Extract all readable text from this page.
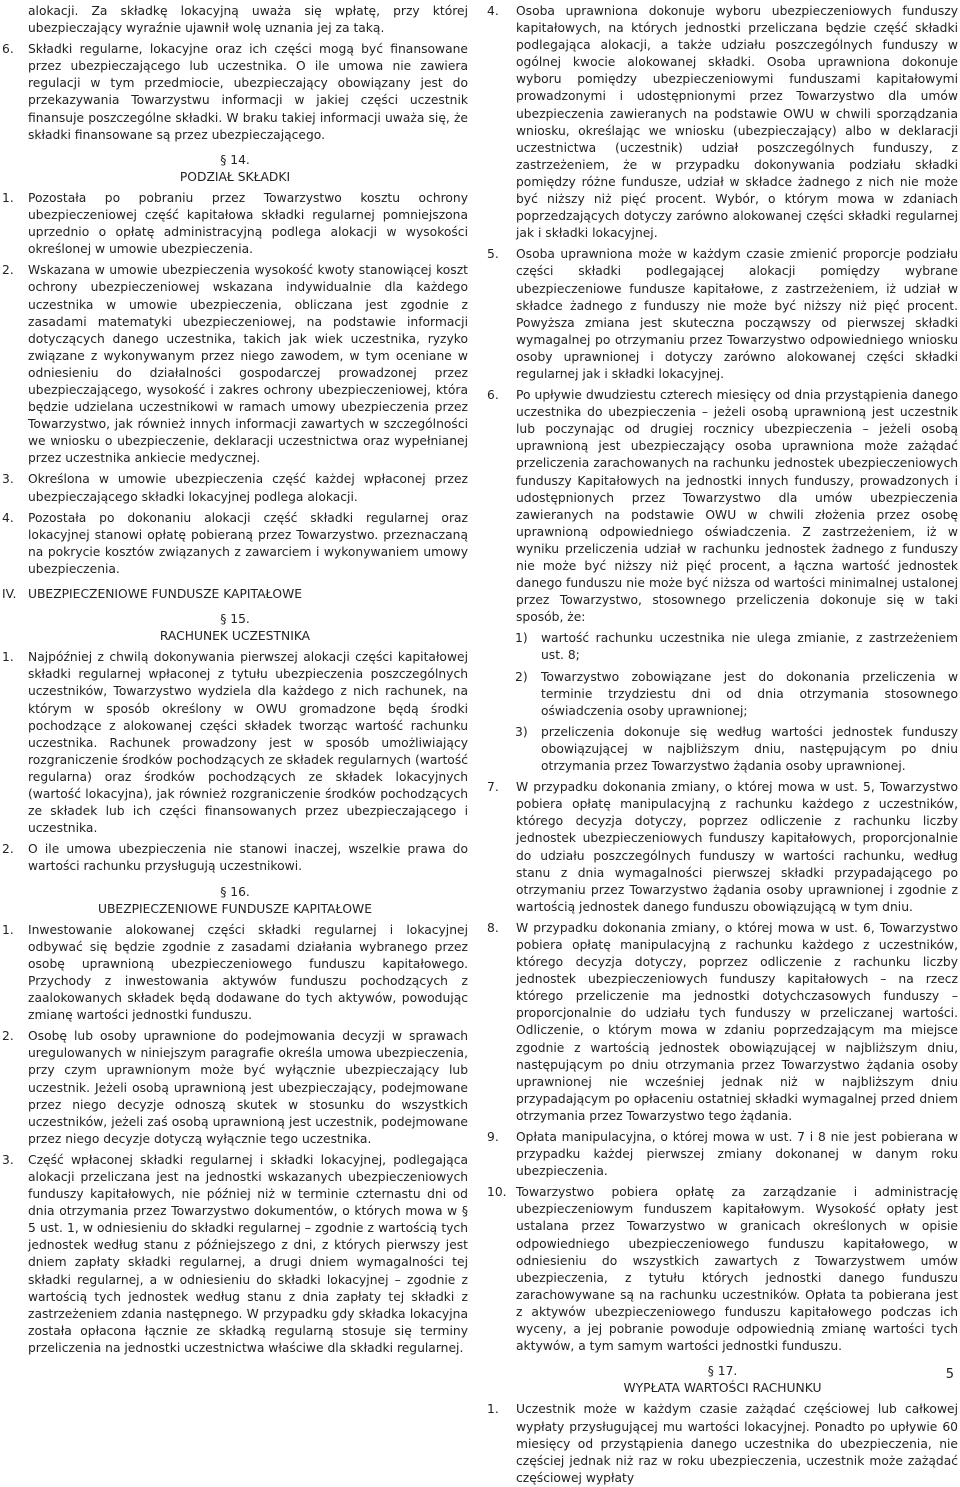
alokacji. Za składkę lokacyjną uważa się wpłatę, przy której ubezpieczający wyraźnie ujawnił wolę uznania jej za taką.
6. Składki regularne, lokacyjne oraz ich części mogą być finansowane przez ubezpieczającego lub uczestnika. O ile umowa nie zawiera regulacji w tym przedmiocie, ubezpieczający obowiązany jest do przekazywania Towarzystwu informacji w jakiej części uczestnik finansuje poszczególne składki. W braku takiej informacji uważa się, że składki finansowane są przez ubezpieczającego.
§ 14.
PODZIAŁ SKŁADKI
1. Pozostała po pobraniu przez Towarzystwo kosztu ochrony ubezpieczeniowej część kapitałowa składki regularnej pomniejszona uprzednio o opłatę administracyjną podlega alokacji w wysokości określonej w umowie ubezpieczenia.
2. Wskazana w umowie ubezpieczenia wysokość kwoty stanowiącej koszt ochrony ubezpieczeniowej wskazana indywidualnie dla każdego uczestnika w umowie ubezpieczenia, obliczana jest zgodnie z zasadami matematyki ubezpieczeniowej, na podstawie informacji dotyczących danego uczestnika, takich jak wiek uczestnika, ryzyko związane z wykonywanym przez niego zawodem, w tym oceniane w odniesieniu do działalności gospodarczej prowadzonej przez ubezpieczającego, wysokość i zakres ochrony ubezpieczeniowej, która będzie udzielana uczestnikowi w ramach umowy ubezpieczenia przez Towarzystwo, jak również innych informacji zawartych w szczególności we wniosku o ubezpieczenie, deklaracji uczestnictwa oraz wypełnianej przez uczestnika ankiecie medycznej.
3. Określona w umowie ubezpieczenia część każdej wpłaconej przez ubezpieczającego składki lokacyjnej podlega alokacji.
4. Pozostała po dokonaniu alokacji część składki regularnej oraz lokacyjnej stanowi opłatę pobieraną przez Towarzystwo. przeznaczaną na pokrycie kosztów związanych z zawarciem i wykonywaniem umowy ubezpieczenia.
IV. UBEZPIECZENIOWE FUNDUSZE KAPITAŁOWE
§ 15.
RACHUNEK UCZESTNIKA
1. Najpóźniej z chwilą dokonywania pierwszej alokacji części kapitałowej składki regularnej wpłaconej z tytułu ubezpieczenia poszczególnych uczestników, Towarzystwo wydziela dla każdego z nich rachunek, na którym w sposób określony w OWU gromadzone będą środki pochodzące z alokowanej części składek tworząc wartość rachunku uczestnika. Rachunek prowadzony jest w sposób umożliwiający rozgraniczenie środków pochodzących ze składek regularnych (wartość regularna) oraz środków pochodzących ze składek lokacyjnych (wartość lokacyjna), jak również rozgraniczenie środków pochodzących ze składek lub ich części finansowanych przez ubezpieczającego i uczestnika.
2. O ile umowa ubezpieczenia nie stanowi inaczej, wszelkie prawa do wartości rachunku przysługują uczestnikowi.
§ 16.
UBEZPIECZENIOWE FUNDUSZE KAPITAŁOWE
1. Inwestowanie alokowanej części składki regularnej i lokacyjnej odbywać się będzie zgodnie z zasadami działania wybranego przez osobę uprawnioną ubezpieczeniowego funduszu kapitałowego. Przychody z inwestowania aktywów funduszu pochodzących z zaalokowanych składek będą dodawane do tych aktywów, powodując zmianę wartości jednostki funduszu.
2. Osobę lub osoby uprawnione do podejmowania decyzji w sprawach uregulowanych w niniejszym paragrafie określa umowa ubezpieczenia, przy czym uprawnionym może być wyłącznie ubezpieczający lub uczestnik. Jeżeli osobą uprawnioną jest ubezpieczający, podejmowane przez niego decyzje odnoszą skutek w stosunku do wszystkich uczestników, jeżeli zaś osobą uprawnioną jest uczestnik, podejmowane przez niego decyzje dotyczą wyłącznie tego uczestnika.
3. Część wpłaconej składki regularnej i składki lokacyjnej, podlegająca alokacji przeliczana jest na jednostki wskazanych ubezpieczeniowych funduszy kapitałowych, nie później niż w terminie czternastu dni od dnia otrzymania przez Towarzystwo dokumentów, o których mowa w § 5 ust. 1, w odniesieniu do składki regularnej – zgodnie z wartością tych jednostek według stanu z późniejszego z dni, z których pierwszy jest dniem zapłaty składki regularnej, a drugi dniem wymagalności tej składki regularnej, a w odniesieniu do składki lokacyjnej – zgodnie z wartością tych jednostek według stanu z dnia zapłaty tej składki z zastrzeżeniem zdania następnego. W przypadku gdy składka lokacyjna została opłacona łącznie ze składką regularną stosuje się terminy przeliczenia na jednostki uczestnictwa właściwe dla składki regularnej.
4. Osoba uprawniona dokonuje wyboru ubezpieczeniowych funduszy kapitałowych, na których jednostki przeliczana będzie część składki podlegająca alokacji, a także udziału poszczególnych funduszy w ogólnej kwocie alokowanej składki. Osoba uprawniona dokonuje wyboru pomiędzy ubezpieczeniowymi funduszami kapitałowymi prowadzonymi i udostępnionymi przez Towarzystwo dla umów ubezpieczenia zawieranych na podstawie OWU w chwili sporządzania wniosku, określając we wniosku (ubezpieczający) albo w deklaracji uczestnictwa (uczestnik) udział poszczególnych funduszy, z zastrzeżeniem, że w przypadku dokonywania podziału składki pomiędzy różne fundusze, udział w składce żadnego z nich nie może być niższy niż pięć procent. Wybór, o którym mowa w zdaniach poprzedzających dotyczy zarówno alokowanej części składki regularnej jak i składki lokacyjnej.
5. Osoba uprawniona może w każdym czasie zmienić proporcje podziału części składki podlegającej alokacji pomiędzy wybrane ubezpieczeniowe fundusze kapitałowe, z zastrzeżeniem, iż udział w składce żadnego z funduszy nie może być niższy niż pięć procent. Powyższa zmiana jest skuteczna począwszy od pierwszej składki wymagalnej po otrzymaniu przez Towarzystwo odpowiedniego wniosku osoby uprawnionej i dotyczy zarówno alokowanej części składki regularnej jak i składki lokacyjnej.
6. Po upływie dwudziestu czterech miesięcy od dnia przystąpienia danego uczestnika do ubezpieczenia – jeżeli osobą uprawnioną jest uczestnik lub poczynając od drugiej rocznicy ubezpieczenia – jeżeli osobą uprawnioną jest ubezpieczający osoba uprawniona może zażądać przeliczenia zarachowanych na rachunku jednostek ubezpieczeniowych funduszy Kapitałowych na jednostki innych funduszy, prowadzonych i udostępnionych przez Towarzystwo dla umów ubezpieczenia zawieranych na podstawie OWU w chwili złożenia przez osobę uprawnioną odpowiedniego oświadczenia. Z zastrzeżeniem, iż w wyniku przeliczenia udział w rachunku jednostek żadnego z funduszy nie może być niższy niż pięć procent, a łączna wartość jednostek danego funduszu nie może być niższa od wartości minimalnej ustalonej przez Towarzystwo, stosownego przeliczenia dokonuje się w taki sposób, że:
1) wartość rachunku uczestnika nie ulega zmianie, z zastrzeżeniem ust. 8;
2) Towarzystwo zobowiązane jest do dokonania przeliczenia w terminie trzydziestu dni od dnia otrzymania stosownego oświadczenia osoby uprawnionej;
3) przeliczenia dokonuje się według wartości jednostek funduszy obowiązującej w najbliższym dniu, następującym po dniu otrzymania przez Towarzystwo żądania osoby uprawnionej.
7. W przypadku dokonania zmiany, o której mowa w ust. 5, Towarzystwo pobiera opłatę manipulacyjną z rachunku każdego z uczestników, którego decyzja dotyczy, poprzez odliczenie z rachunku liczby jednostek ubezpieczeniowych funduszy kapitałowych, proporcjonalnie do udziału poszczególnych funduszy w wartości rachunku, według stanu z dnia wymagalności pierwszej składki przypadającego po otrzymaniu przez Towarzystwo żądania osoby uprawnionej i zgodnie z wartością jednostek danego funduszu obowiązującą w tym dniu.
8. W przypadku dokonania zmiany, o której mowa w ust. 6, Towarzystwo pobiera opłatę manipulacyjną z rachunku każdego z uczestników, którego decyzja dotyczy, poprzez odliczenie z rachunku liczby jednostek ubezpieczeniowych funduszy kapitałowych – na rzecz którego przeliczenie ma jednostki dotychczasowych funduszy – proporcjonalnie do udziału tych funduszy w przeliczanej wartości. Odliczenie, o którym mowa w zdaniu poprzedzającym ma miejsce zgodnie z wartością jednostek obowiązującej w najbliższym dniu, następującym po dniu otrzymania przez Towarzystwo żądania osoby uprawnionej nie wcześniej jednak niż w najbliższym dniu przypadającym po opłaceniu ostatniej składki wymagalnej przed dniem otrzymania przez Towarzystwo tego żądania.
9. Opłata manipulacyjna, o której mowa w ust. 7 i 8 nie jest pobierana w przypadku każdej pierwszej zmiany dokonanej w danym roku ubezpieczenia.
10. Towarzystwo pobiera opłatę za zarządzanie i administrację ubezpieczeniowym funduszem kapitałowym. Wysokość opłaty jest ustalana przez Towarzystwo w granicach określonych w opisie odpowiedniego ubezpieczeniowego funduszu kapitałowego, w odniesieniu do wszystkich zawartych z Towarzystwem umów ubezpieczenia, z tytułu których jednostki danego funduszu zarachowywane są na rachunku uczestników. Opłata ta pobierana jest z aktywów ubezpieczeniowego funduszu kapitałowego podczas ich wyceny, a jej pobranie powoduje odpowiednią zmianę wartości tych aktywów, a tym samym wartości jednostki funduszu.
§ 17.
WYPŁATA WARTOŚCI RACHUNKU
1. Uczestnik może w każdym czasie zażądać częściowej lub całkowej wypłaty przysługującej mu wartości lokacyjnej. Ponadto po upływie 60 miesięcy od przystąpienia danego uczestnika do ubezpieczenia, nie częściej jednak niż raz w roku ubezpieczenia, uczestnik może zażądać częściowej wypłaty
5
